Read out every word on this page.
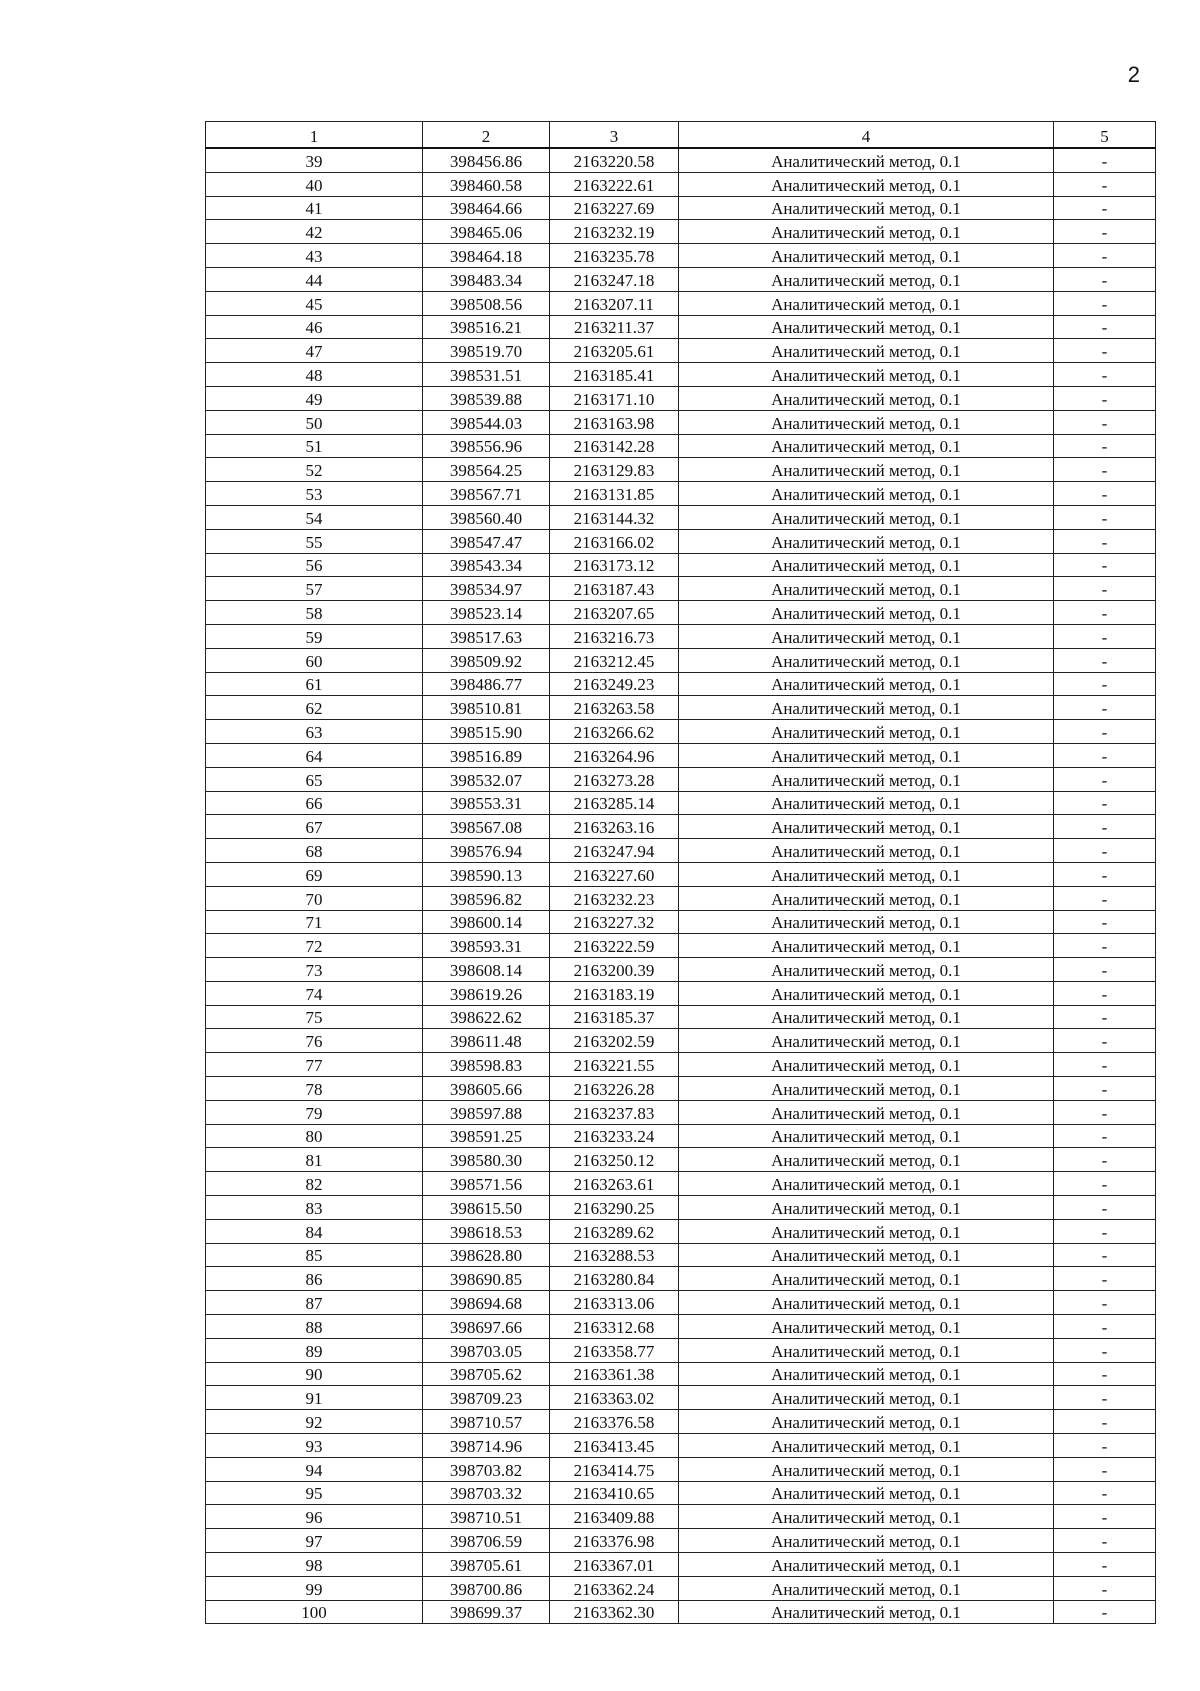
2
1	2	3	4	5
39	398456.86	2163220.58	Аналитический метод, 0.1	-
40	398460.58	2163222.61	Аналитический метод, 0.1	-
41	398464.66	2163227.69	Аналитический метод, 0.1	-
42	398465.06	2163232.19	Аналитический метод, 0.1	-
43	398464.18	2163235.78	Аналитический метод, 0.1	-
44	398483.34	2163247.18	Аналитический метод, 0.1	-
45	398508.56	2163207.11	Аналитический метод, 0.1	-
46	398516.21	2163211.37	Аналитический метод, 0.1	-
47	398519.70	2163205.61	Аналитический метод, 0.1	-
48	398531.51	2163185.41	Аналитический метод, 0.1	-
49	398539.88	2163171.10	Аналитический метод, 0.1	-
50	398544.03	2163163.98	Аналитический метод, 0.1	-
51	398556.96	2163142.28	Аналитический метод, 0.1	-
52	398564.25	2163129.83	Аналитический метод, 0.1	-
53	398567.71	2163131.85	Аналитический метод, 0.1	-
54	398560.40	2163144.32	Аналитический метод, 0.1	-
55	398547.47	2163166.02	Аналитический метод, 0.1	-
56	398543.34	2163173.12	Аналитический метод, 0.1	-
57	398534.97	2163187.43	Аналитический метод, 0.1	-
58	398523.14	2163207.65	Аналитический метод, 0.1	-
59	398517.63	2163216.73	Аналитический метод, 0.1	-
60	398509.92	2163212.45	Аналитический метод, 0.1	-
61	398486.77	2163249.23	Аналитический метод, 0.1	-
62	398510.81	2163263.58	Аналитический метод, 0.1	-
63	398515.90	2163266.62	Аналитический метод, 0.1	-
64	398516.89	2163264.96	Аналитический метод, 0.1	-
65	398532.07	2163273.28	Аналитический метод, 0.1	-
66	398553.31	2163285.14	Аналитический метод, 0.1	-
67	398567.08	2163263.16	Аналитический метод, 0.1	-
68	398576.94	2163247.94	Аналитический метод, 0.1	-
69	398590.13	2163227.60	Аналитический метод, 0.1	-
70	398596.82	2163232.23	Аналитический метод, 0.1	-
71	398600.14	2163227.32	Аналитический метод, 0.1	-
72	398593.31	2163222.59	Аналитический метод, 0.1	-
73	398608.14	2163200.39	Аналитический метод, 0.1	-
74	398619.26	2163183.19	Аналитический метод, 0.1	-
75	398622.62	2163185.37	Аналитический метод, 0.1	-
76	398611.48	2163202.59	Аналитический метод, 0.1	-
77	398598.83	2163221.55	Аналитический метод, 0.1	-
78	398605.66	2163226.28	Аналитический метод, 0.1	-
79	398597.88	2163237.83	Аналитический метод, 0.1	-
80	398591.25	2163233.24	Аналитический метод, 0.1	-
81	398580.30	2163250.12	Аналитический метод, 0.1	-
82	398571.56	2163263.61	Аналитический метод, 0.1	-
83	398615.50	2163290.25	Аналитический метод, 0.1	-
84	398618.53	2163289.62	Аналитический метод, 0.1	-
85	398628.80	2163288.53	Аналитический метод, 0.1	-
86	398690.85	2163280.84	Аналитический метод, 0.1	-
87	398694.68	2163313.06	Аналитический метод, 0.1	-
88	398697.66	2163312.68	Аналитический метод, 0.1	-
89	398703.05	2163358.77	Аналитический метод, 0.1	-
90	398705.62	2163361.38	Аналитический метод, 0.1	-
91	398709.23	2163363.02	Аналитический метод, 0.1	-
92	398710.57	2163376.58	Аналитический метод, 0.1	-
93	398714.96	2163413.45	Аналитический метод, 0.1	-
94	398703.82	2163414.75	Аналитический метод, 0.1	-
95	398703.32	2163410.65	Аналитический метод, 0.1	-
96	398710.51	2163409.88	Аналитический метод, 0.1	-
97	398706.59	2163376.98	Аналитический метод, 0.1	-
98	398705.61	2163367.01	Аналитический метод, 0.1	-
99	398700.86	2163362.24	Аналитический метод, 0.1	-
100	398699.37	2163362.30	Аналитический метод, 0.1	-
